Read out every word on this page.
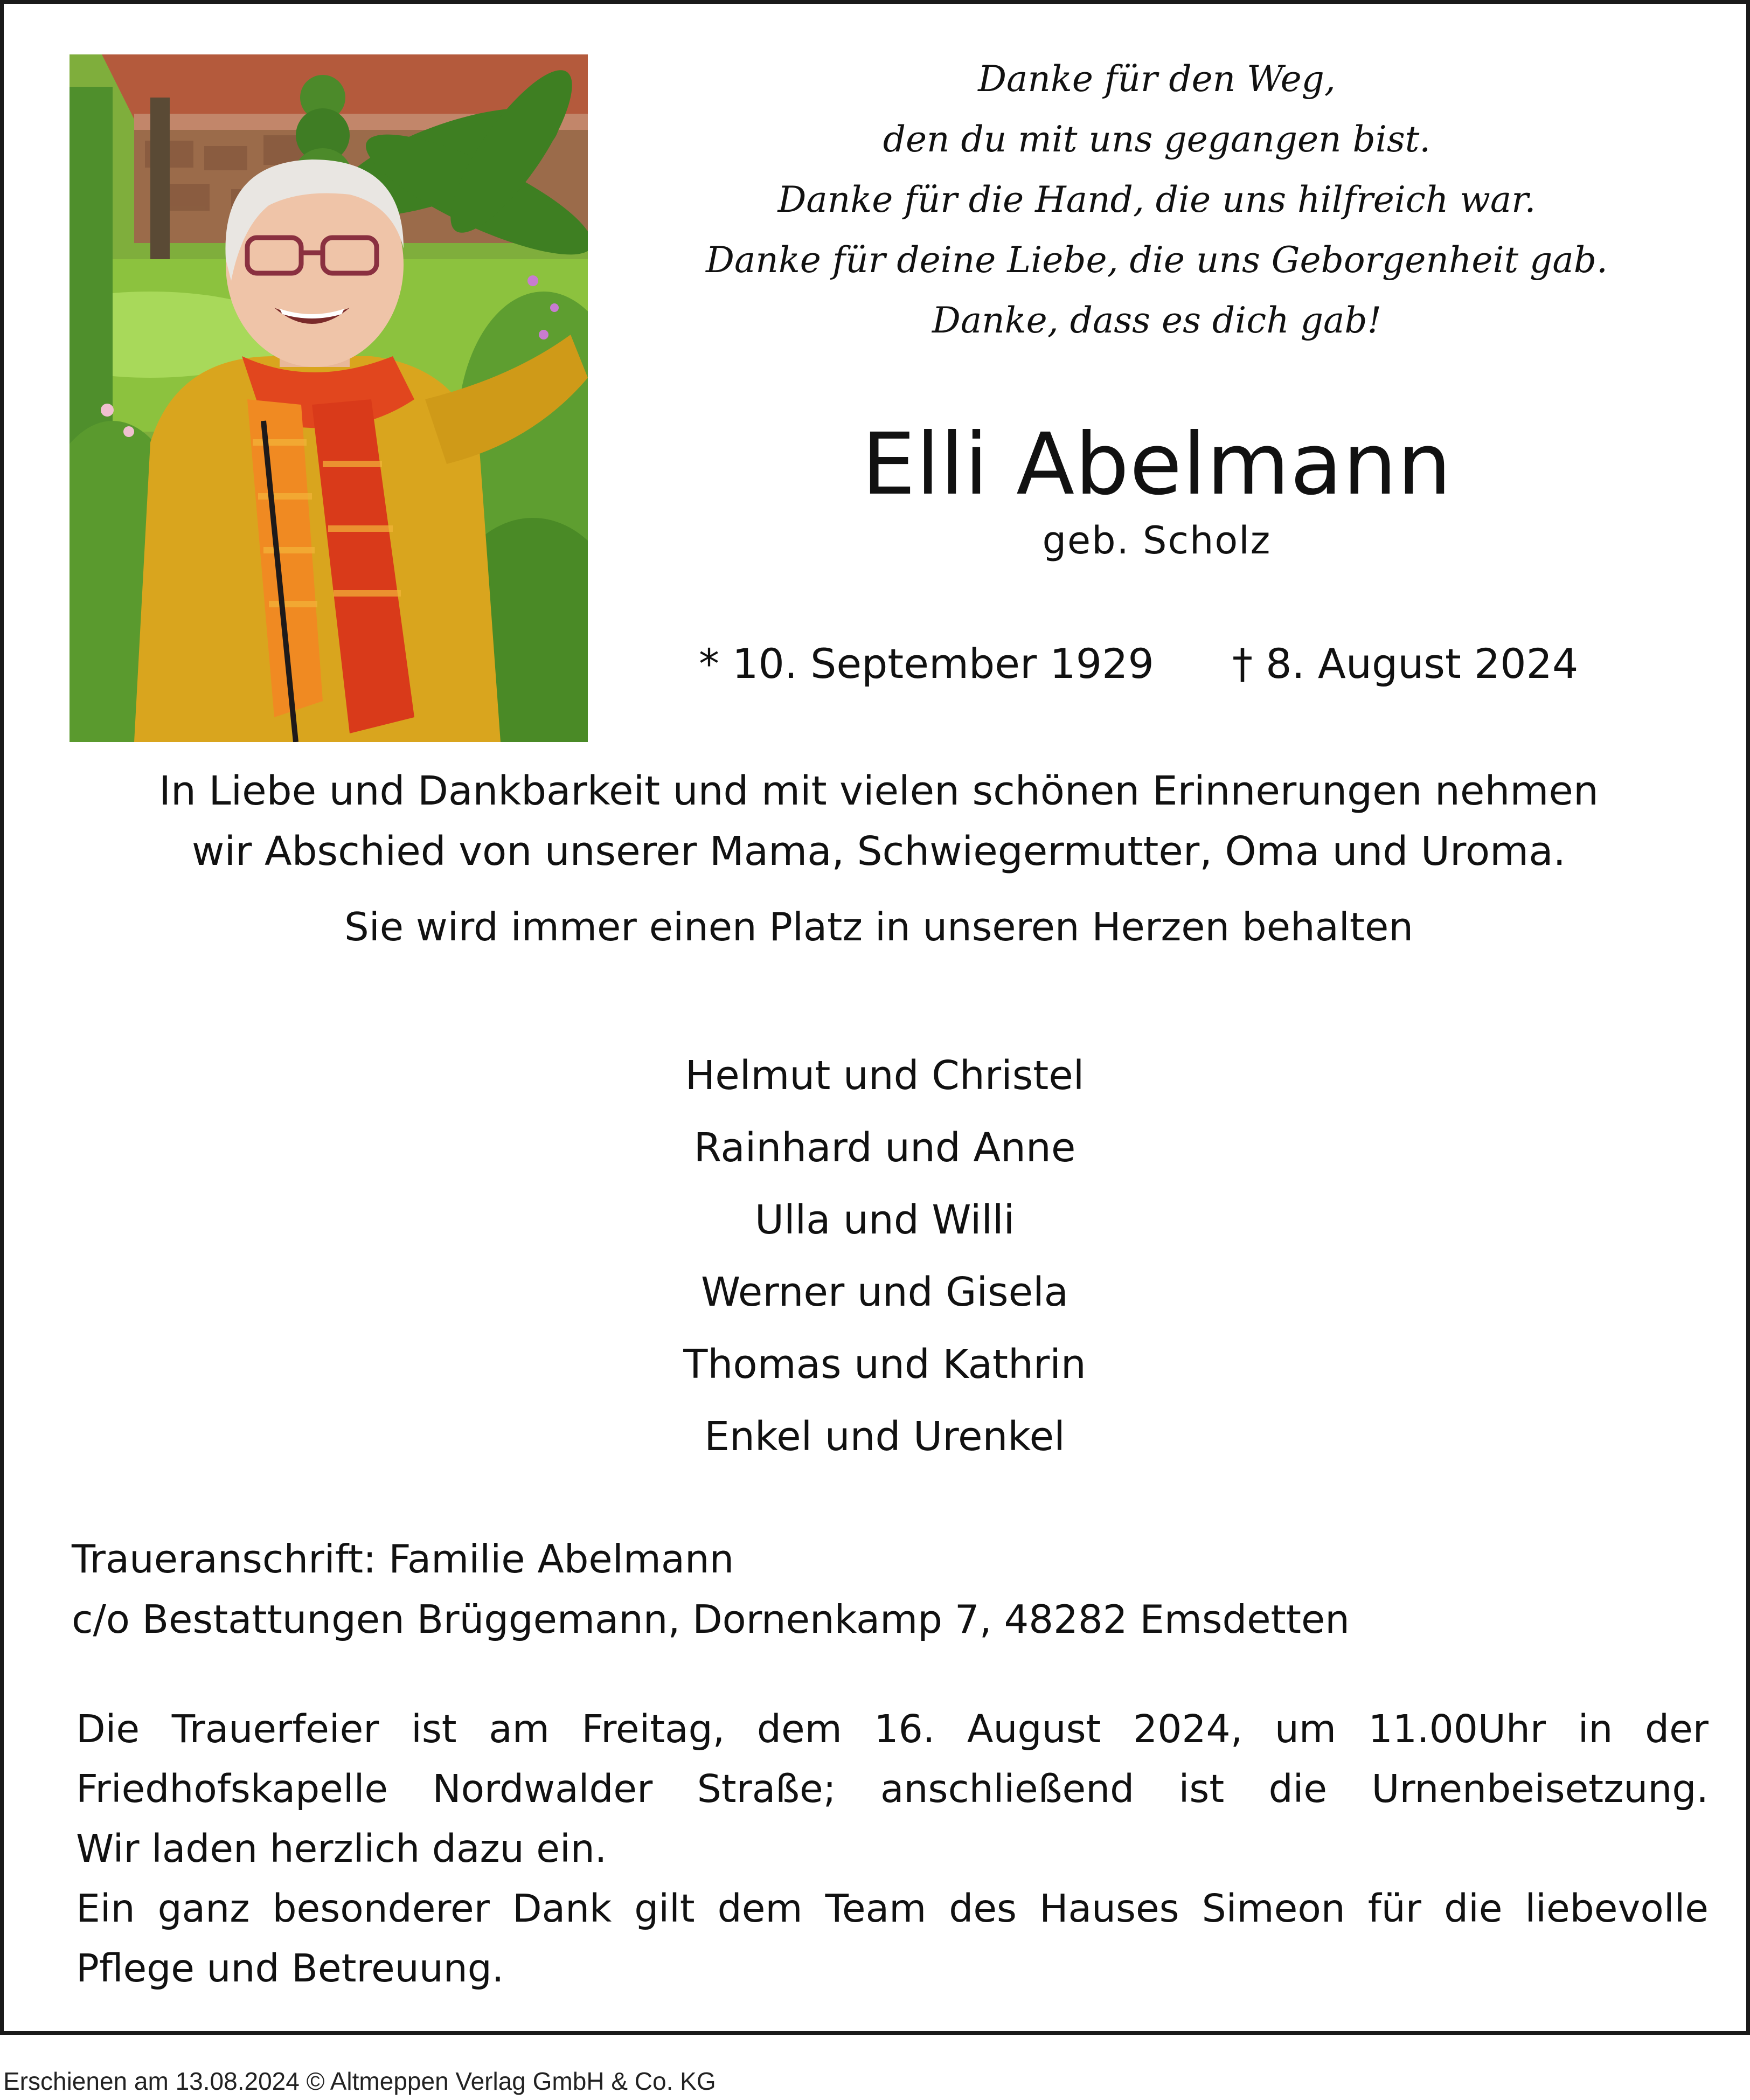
Danke für den Weg,
den du mit uns gegangen bist.
Danke für die Hand, die uns hilfreich war.
Danke für deine Liebe, die uns Geborgenheit gab.
Danke, dass es dich gab!
Elli Abelmann
geb. Scholz
* 10. September 1929 † 8. August 2024
In Liebe und Dankbarkeit und mit vielen schönen Erinnerungen nehmen
wir Abschied von unserer Mama, Schwiegermutter, Oma und Uroma.
Sie wird immer einen Platz in unseren Herzen behalten
Helmut und Christel
Rainhard und Anne
Ulla und Willi
Werner und Gisela
Thomas und Kathrin
Enkel und Urenkel
Traueranschrift: Familie Abelmann
c/o Bestattungen Brüggemann, Dornenkamp 7, 48282 Emsdetten
Die Trauerfeier ist am Freitag, dem 16. August 2024, um 11.00Uhr in der
Friedhofskapelle Nordwalder Straße; anschließend ist die Urnenbeisetzung.
Wir laden herzlich dazu ein.
Ein ganz besonderer Dank gilt dem Team des Hauses Simeon für die liebevolle
Pflege und Betreuung.
Erschienen am 13.08.2024 © Altmeppen Verlag GmbH & Co. KG
